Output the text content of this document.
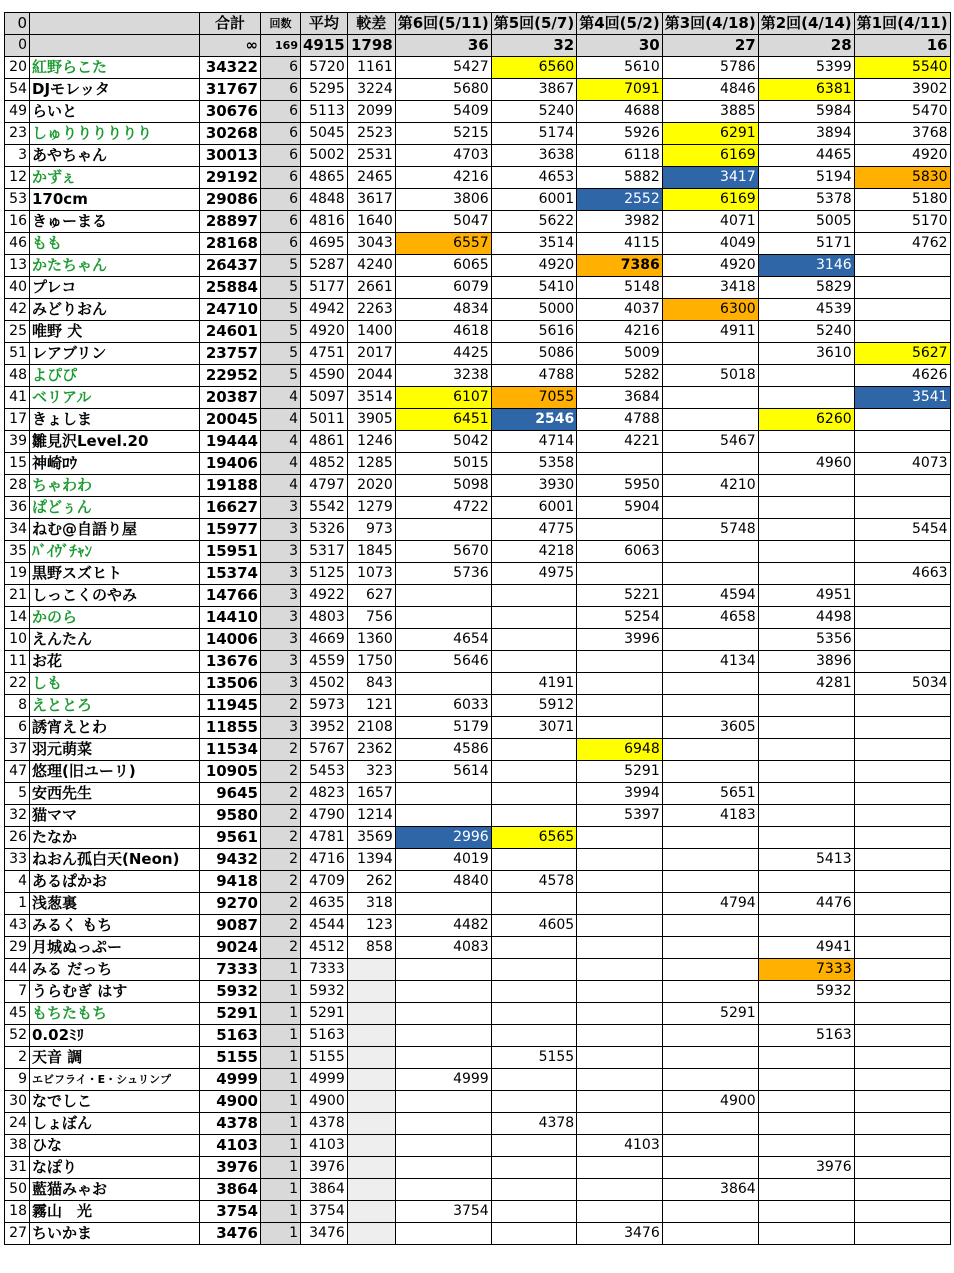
0		合計	回数	平均	較差	第6回(5/11)	第5回(5/7)	第4回(5/2)	第3回(4/18)	第2回(4/14)	第1回(4/11)
0		∞	169	4915	1798	36	32	30	27	28	16
20	紅野らこた	34322	6	5720	1161	5427	6560	5610	5786	5399	5540
54	DJモレッタ	31767	6	5295	3224	5680	3867	7091	4846	6381	3902
49	らいと	30676	6	5113	2099	5409	5240	4688	3885	5984	5470
23	しゅりりりりりり	30268	6	5045	2523	5215	5174	5926	6291	3894	3768
3	あやちゃん	30013	6	5002	2531	4703	3638	6118	6169	4465	4920
12	かずぇ	29192	6	4865	2465	4216	4653	5882	3417	5194	5830
53	170cm	29086	6	4848	3617	3806	6001	2552	6169	5378	5180
16	きゅーまる	28897	6	4816	1640	5047	5622	3982	4071	5005	5170
46	もも	28168	6	4695	3043	6557	3514	4115	4049	5171	4762
13	かたちゃん	26437	5	5287	4240	6065	4920	7386	4920	3146	
40	プレコ	25884	5	5177	2661	6079	5410	5148	3418	5829	
42	みどりおん	24710	5	4942	2263	4834	5000	4037	6300	4539	
25	唯野 犬	24601	5	4920	1400	4618	5616	4216	4911	5240	
51	レアブリン	23757	5	4751	2017	4425	5086	5009		3610	5627
48	よぴぴ	22952	5	4590	2044	3238	4788	5282	5018		4626
41	ベリアル	20387	4	5097	3514	6107	7055	3684			3541
17	きょしま	20045	4	5011	3905	6451	2546	4788		6260	
39	雛見沢Level.20	19444	4	4861	1246	5042	4714	4221	5467		
15	神崎ﾛｳ	19406	4	4852	1285	5015	5358			4960	4073
28	ちゃわわ	19188	4	4797	2020	5098	3930	5950	4210		
36	ぱどぅん	16627	3	5542	1279	4722	6001	5904			
34	ねむ@自語り屋	15977	3	5326	973		4775		5748		5454
35	ﾊﾞｲｳﾞﾁｬﾝ	15951	3	5317	1845	5670	4218	6063			
19	黒野スズヒト	15374	3	5125	1073	5736	4975				4663
21	しっこくのやみ	14766	3	4922	627			5221	4594	4951	
14	かのら	14410	3	4803	756			5254	4658	4498	
10	えんたん	14006	3	4669	1360	4654		3996		5356	
11	お花	13676	3	4559	1750	5646			4134	3896	
22	しも	13506	3	4502	843		4191			4281	5034
8	えととろ	11945	2	5973	121	6033	5912				
6	誘宵えとわ	11855	3	3952	2108	5179	3071		3605		
37	羽元萌菜	11534	2	5767	2362	4586		6948			
47	悠理(旧ユーリ)	10905	2	5453	323	5614		5291			
5	安西先生	9645	2	4823	1657			3994	5651		
32	猫ママ	9580	2	4790	1214			5397	4183		
26	たなか	9561	2	4781	3569	2996	6565				
33	ねおん孤白天(Neon)	9432	2	4716	1394	4019				5413	
4	あるぱかお	9418	2	4709	262	4840	4578				
1	浅葱裏	9270	2	4635	318				4794	4476	
43	みるく もち	9087	2	4544	123	4482	4605				
29	月城ぬっぷー	9024	2	4512	858	4083				4941	
44	みる だっち	7333	1	7333						7333	
7	うらむぎ はす	5932	1	5932						5932	
45	もちたもち	5291	1	5291					5291		
52	0.02ﾐﾘ	5163	1	5163						5163	
2	天音 調	5155	1	5155			5155				
9	エビフライ・E・シュリンプ	4999	1	4999		4999					
30	なでしこ	4900	1	4900					4900		
24	しょぼん	4378	1	4378			4378				
38	ひな	4103	1	4103				4103			
31	なぽり	3976	1	3976						3976	
50	藍猫みゃお	3864	1	3864					3864		
18	霧山　光	3754	1	3754		3754					
27	ちいかま	3476	1	3476				3476			
